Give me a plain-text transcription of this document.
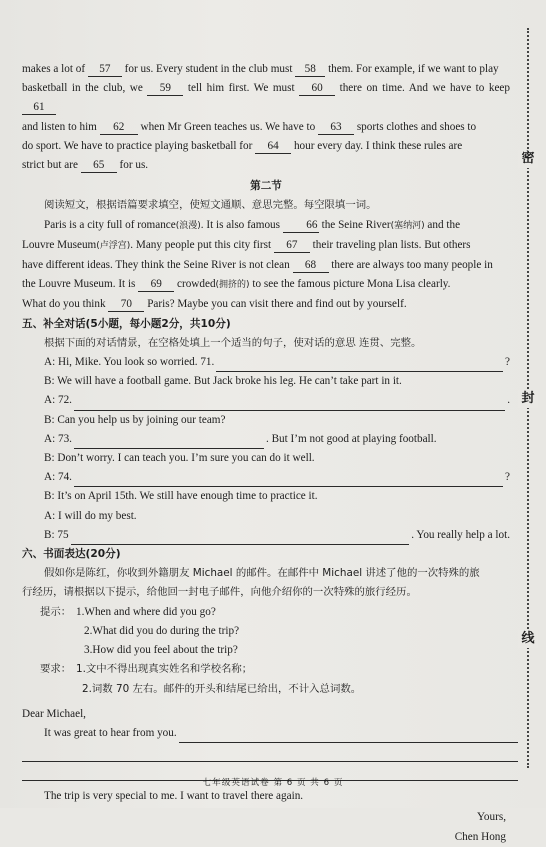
密
封
线

makes a lot of 57 for us. Every student in the club must 58 them. For example, if we want to play

basketball in the club, we 59 tell him first. We must 60 there on time. And we have to keep 61

and listen to him 62 when Mr Green teaches us. We have to 63 sports clothes and shoes to

do sport. We have to practice playing basketball for 64 hour every day. I think these rules are

strict but are 65 for us.

第二节

阅读短文，根据语篇要求填空，使短文通顺、意思完整。每空限填一词。

Paris is a city full of romance(浪漫). It is also famous 66 the Seine River(塞纳河) and the

Louvre Museum(卢浮宫). Many people put this city first 67 their traveling plan lists. But others

have different ideas. They think the Seine River is not clean 68 there are always too many people in

the Louvre Museum. It is 69 crowded(拥挤的) to see the famous picture Mona Lisa clearly.

What do you think 70 Paris? Maybe you can visit there and find out by yourself.

五、补全对话(5小题，每小题2分，共10分)

根据下面的对话情景，在空格处填上一个适当的句子，使对话的意思 连贯、完整。

A: Hi, Mike. You look so worried. 71.	?
B: We will have a football game. But Jack broke his leg. He can’t take part in it.
A: 72.	.
B: Can you help us by joining our team?
A: 73.	. But I’m not good at playing football.
B: Don’t worry. I can teach you. I’m sure you can do it well.
A: 74.	?
B: It’s on April 15th. We still have enough time to practice it.
A: I will do my best.
B: 75	. You really help a lot.
六、书面表达(20分)

假如你是陈红，你收到外籍朋友 Michael 的邮件。在邮件中 Michael 讲述了他的一次特殊的旅

行经历，请根据以下提示，给他回一封电子邮件，向他介绍你的一次特殊的旅行经历。

提示： 1.When and where did you go?
2.What did you do during the trip?
3.How did you feel about the trip?
要求： 1.文中不得出现真实姓名和学校名称；
2.词数 70 左右。邮件的开头和结尾已给出，不计入总词数。
Dear Michael,
It was great to hear from you.
The trip is very special to me. I want to travel there again.
Yours,
Chen Hong
七年级英语试卷 第 6 页 共 6 页
